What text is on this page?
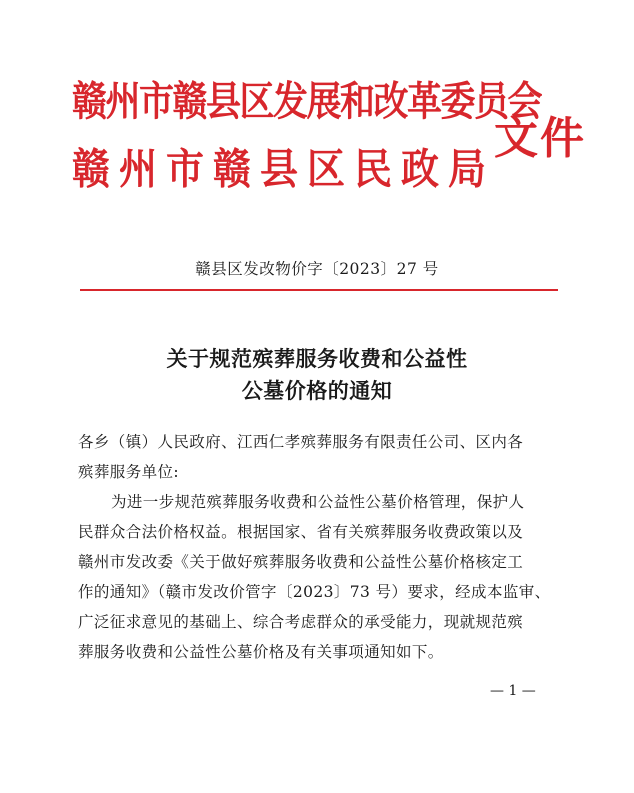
赣州市赣县区发展和改革委员会
赣州市赣县区民政局
文件
赣县区发改物价字〔2023〕27 号
关于规范殡葬服务收费和公益性
公墓价格的通知
各乡（镇）人民政府、江西仁孝殡葬服务有限责任公司、区内各
殡葬服务单位:
为进一步规范殡葬服务收费和公益性公墓价格管理，保护人
民群众合法价格权益。根据国家、省有关殡葬服务收费政策以及
赣州市发改委《关于做好殡葬服务收费和公益性公墓价格核定工
作的通知》（赣市发改价管字〔2023〕73 号）要求，经成本监审、
广泛征求意见的基础上、综合考虑群众的承受能力，现就规范殡
葬服务收费和公益性公墓价格及有关事项通知如下。
— 1 —
